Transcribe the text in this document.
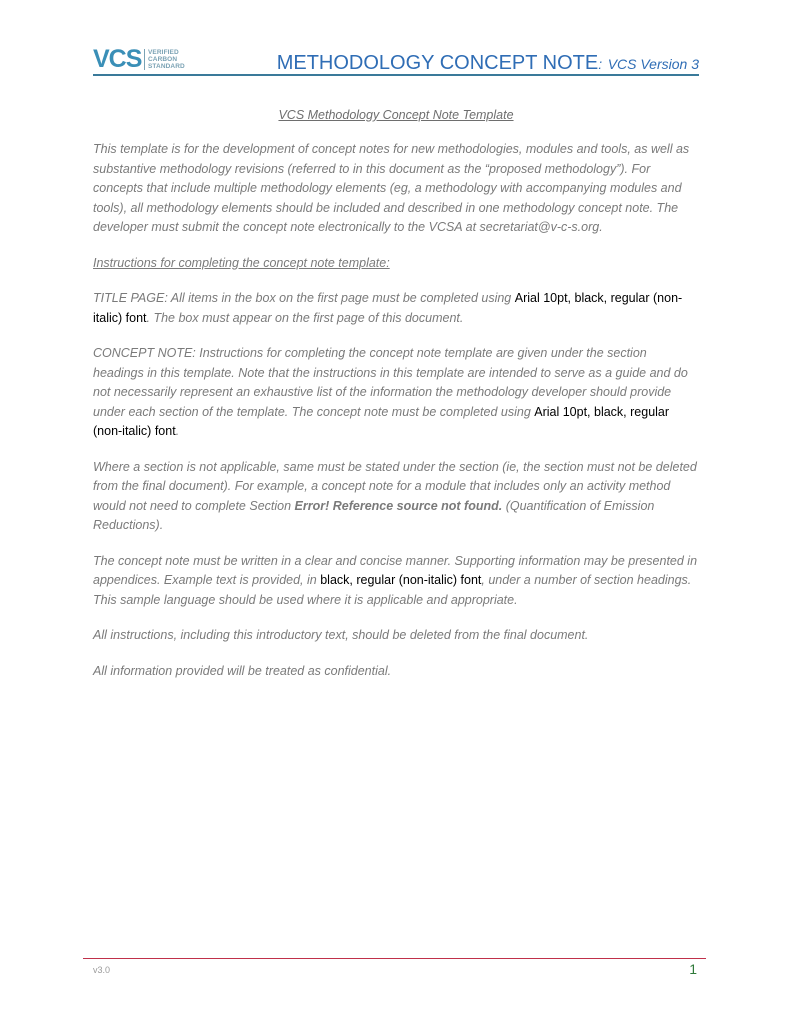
VCS VERIFIED
CARBON
STANDARD	METHODOLOGY CONCEPT NOTE: VCS Version 3
VCS Methodology Concept Note Template

This template is for the development of concept notes for new methodologies, modules and tools, as well as substantive methodology revisions (referred to in this document as the “proposed methodology”). For concepts that include multiple methodology elements (eg, a methodology with accompanying modules and tools), all methodology elements should be included and described in one methodology concept note. The developer must submit the concept note electronically to the VCSA at secretariat@v-c-s.org.

Instructions for completing the concept note template:

TITLE PAGE: All items in the box on the first page must be completed using Arial 10pt, black, regular (non-italic) font. The box must appear on the first page of this document.

CONCEPT NOTE: Instructions for completing the concept note template are given under the section headings in this template. Note that the instructions in this template are intended to serve as a guide and do not necessarily represent an exhaustive list of the information the methodology developer should provide under each section of the template. The concept note must be completed using Arial 10pt, black, regular (non-italic) font.

Where a section is not applicable, same must be stated under the section (ie, the section must not be deleted from the final document). For example, a concept note for a module that includes only an activity method would not need to complete Section Error! Reference source not found. (Quantification of Emission Reductions).

The concept note must be written in a clear and concise manner. Supporting information may be presented in appendices. Example text is provided, in black, regular (non-italic) font, under a number of section headings. This sample language should be used where it is applicable and appropriate.

All instructions, including this introductory text, should be deleted from the final document.

All information provided will be treated as confidential.

v3.0	1
